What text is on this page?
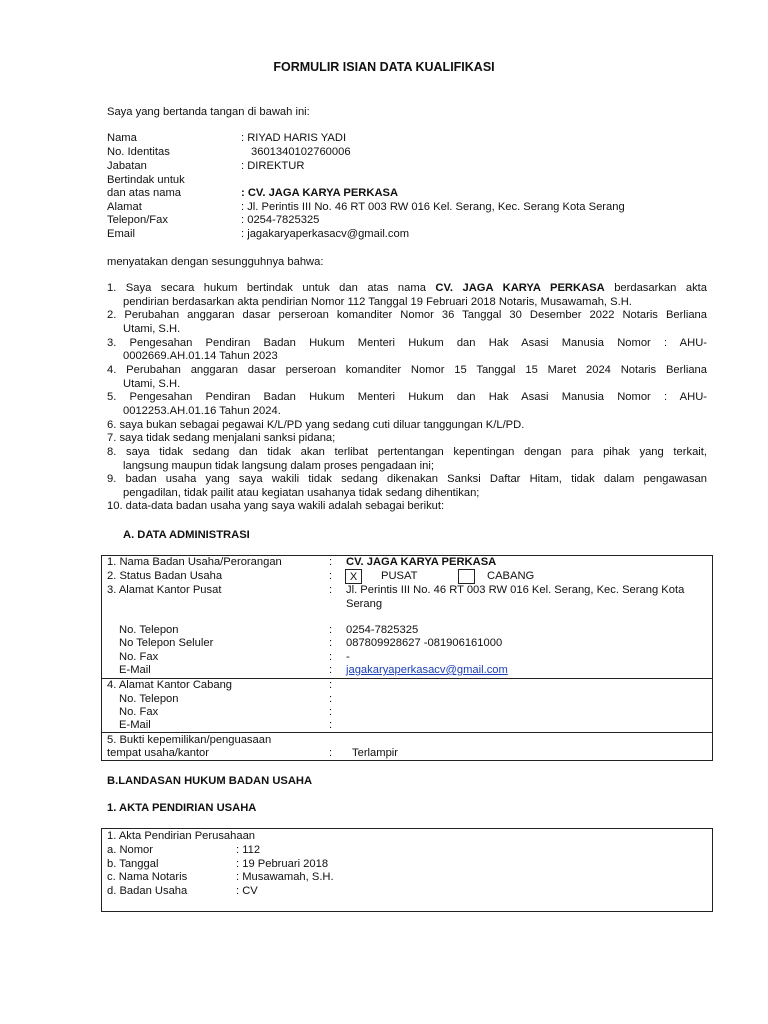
FORMULIR ISIAN DATA KUALIFIKASI
Saya yang bertanda tangan di bawah ini:
Nama	: RIYAD HARIS YADI
No. Identitas	3601340102760006
Jabatan	: DIREKTUR
Bertindak untuk
dan atas nama	: CV. JAGA KARYA PERKASA
Alamat	: Jl. Perintis III No. 46 RT 003 RW 016 Kel. Serang, Kec. Serang Kota Serang
Telepon/Fax	: 0254-7825325
Email	: jagakaryaperkasacv@gmail.com
menyatakan dengan sesungguhnya bahwa:
1. Saya secara hukum bertindak untuk dan atas nama CV. JAGA KARYA PERKASA berdasarkan akta
pendirian berdasarkan akta pendirian Nomor 112 Tanggal 19 Februari 2018 Notaris, Musawamah, S.H.
2. Perubahan anggaran dasar perseroan komanditer Nomor 36 Tanggal 30 Desember 2022 Notaris Berliana
Utami, S.H.
3. Pengesahan Pendiran Badan Hukum Menteri Hukum dan Hak Asasi Manusia Nomor : AHU-
0002669.AH.01.14 Tahun 2023
4. Perubahan anggaran dasar perseroan komanditer Nomor 15 Tanggal 15 Maret 2024 Notaris Berliana
Utami, S.H.
5. Pengesahan Pendiran Badan Hukum Menteri Hukum dan Hak Asasi Manusia Nomor : AHU-
0012253.AH.01.16 Tahun 2024.
6. saya bukan sebagai pegawai K/L/PD yang sedang cuti diluar tanggungan K/L/PD.
7. saya tidak sedang menjalani sanksi pidana;
8. saya tidak sedang dan tidak akan terlibat pertentangan kepentingan dengan para pihak yang terkait,
langsung maupun tidak langsung dalam proses pengadaan ini;
9. badan usaha yang saya wakili tidak sedang dikenakan Sanksi Daftar Hitam, tidak dalam pengawasan
pengadilan, tidak pailit atau kegiatan usahanya tidak sedang dihentikan;
10. data-data badan usaha yang saya wakili adalah sebagai berikut:
A. DATA ADMINISTRASI
1. Nama Badan Usaha/Perorangan	: CV. JAGA KARYA PERKASA
2. Status Badan Usaha	:	X	PUSAT	CABANG
3. Alamat Kantor Pusat	: Jl. Perintis III No. 46 RT 003 RW 016 Kel. Serang, Kec. Serang Kota
Serang
No. Telepon	: 0254-7825325
No Telepon Seluler	: 087809928627 -081906161000
No. Fax	: -
E-Mail	: jagakaryaperkasacv@gmail.com
4. Alamat Kantor Cabang	:
No. Telepon	:
No. Fax	:
E-Mail	:
5. Bukti kepemilikan/penguasaan
tempat usaha/kantor	: Terlampir
B.LANDASAN HUKUM BADAN USAHA
1. AKTA PENDIRIAN USAHA
1. Akta Pendirian Perusahaan
a. Nomor	: 112
b. Tanggal	: 19 Pebruari 2018
c. Nama Notaris	: Musawamah, S.H.
d. Badan Usaha	: CV
